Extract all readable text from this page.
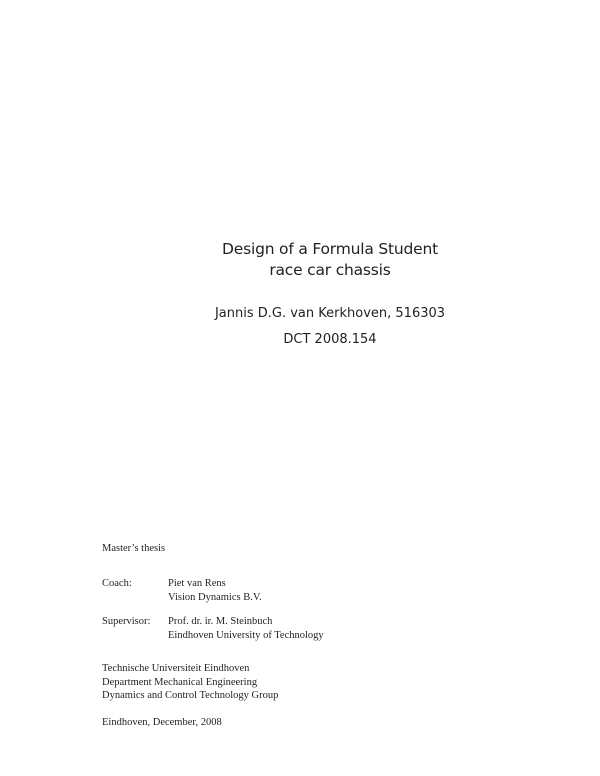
Design of a Formula Student
race car chassis
Jannis D.G. van Kerkhoven, 516303
DCT 2008.154
Master’s thesis
Coach:	Piet van Rens
Vision Dynamics B.V.
Supervisor: Prof. dr. ir. M. Steinbuch
Eindhoven University of Technology
Technische Universiteit Eindhoven
Department Mechanical Engineering
Dynamics and Control Technology Group
Eindhoven, December, 2008
